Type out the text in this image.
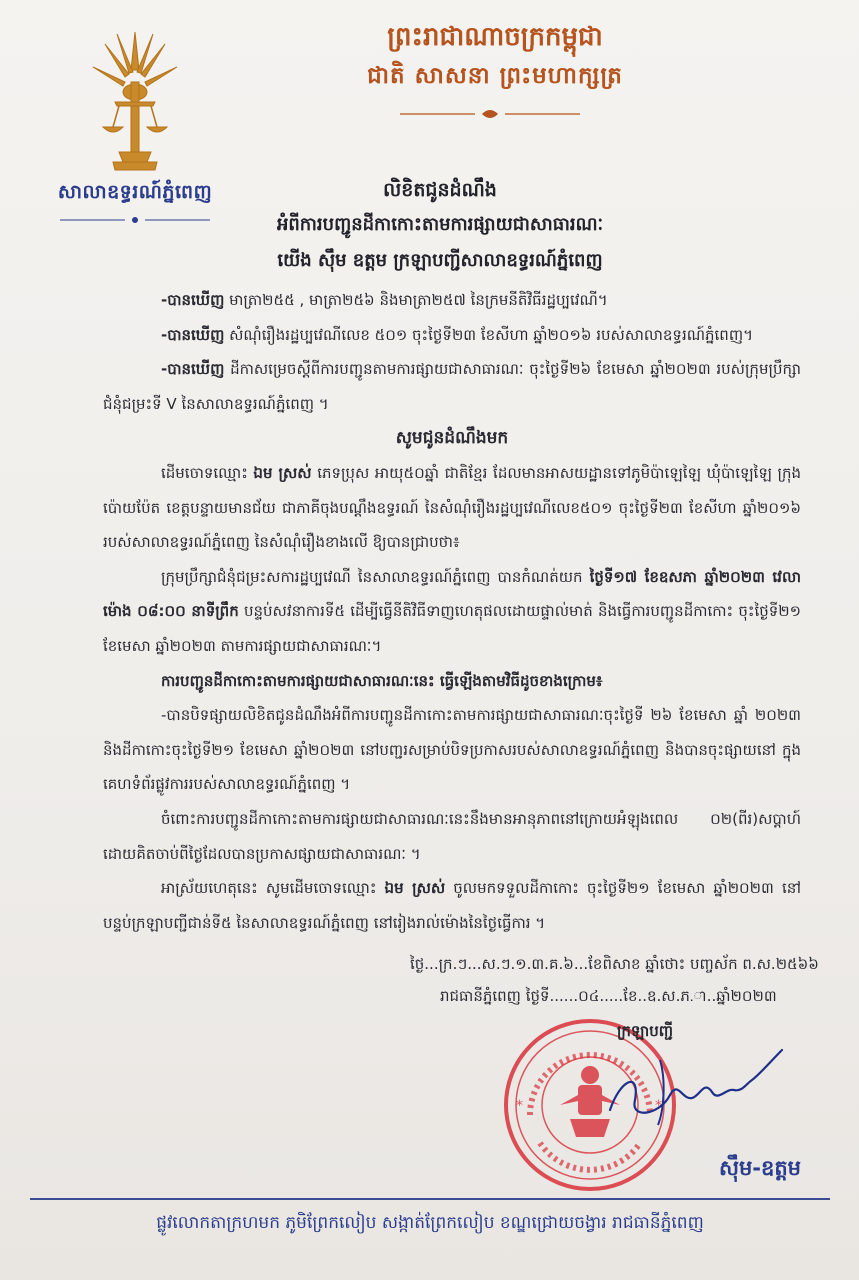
សាលាឧទ្ធរណ៍ភ្នំពេញ
ព្រះរាជាណាចក្រកម្ពុជា
ជាតិ សាសនា ព្រះមហាក្សត្រ
លិខិតជូនដំណឹង
អំពីការបញ្ជូនដីកាកោះតាមការផ្សាយជាសាធារណៈ
យើង ស៊ឹម ឧត្តម ក្រឡាបញ្ជីសាលាឧទ្ធរណ៍ភ្នំពេញ

-បានឃើញ មាត្រា២៥៥ , មាត្រា២៥៦ និងមាត្រា២៥៧ នៃក្រមនីតិវិធីរដ្ឋប្បវេណី។

-បានឃើញ សំណុំរឿងរដ្ឋប្បវេណីលេខ ៥០១ ចុះថ្ងៃទី២៣ ខែសីហា ឆ្នាំ២០១៦ របស់សាលាឧទ្ធរណ៍ភ្នំពេញ។

-បានឃើញ ដីកាសម្រេចស្តីពីការបញ្ជូនតាមការផ្សាយជាសាធារណៈ ចុះថ្ងៃទី២៦ ខែមេសា ឆ្នាំ២០២៣ របស់ក្រុមប្រឹក្សាជំនុំជម្រះទី V នៃសាលាឧទ្ធរណ៍ភ្នំពេញ ។

សូមជូនដំណឹងមក

ដើមចោទឈ្មោះ ឯម ស្រស់ ភេទប្រុស អាយុ៥០ឆ្នាំ ជាតិខ្មែរ ដែលមានអាសយដ្ឋានទៅភូមិប៉ាឡេឡៃ ឃុំប៉ាឡេឡៃ ក្រុងប៉ោយប៉ែត ខេត្តបន្ទាយមានជ័យ ជាភាគីចុងបណ្តឹងឧទ្ធរណ៍ នៃសំណុំរឿងរដ្ឋប្បវេណីលេខ៥០១ ចុះថ្ងៃទី២៣ ខែសីហា ឆ្នាំ២០១៦ របស់សាលាឧទ្ធរណ៍ភ្នំពេញ នៃសំណុំរឿងខាងលើ ឱ្យបានជ្រាបថា៖

ក្រុមប្រឹក្សាជំនុំជម្រះសការដ្ឋប្បវេណី នៃសាលាឧទ្ធរណ៍ភ្នំពេញ បានកំណត់យក ថ្ងៃទី១៧ ខែឧសភា ឆ្នាំ២០២៣ វេលាម៉ោង ០៨:០០ នាទីព្រឹក បន្ទប់សវនាការទី៥ ដើម្បីធ្វើនីតិវិធីទាញហេតុផលដោយផ្ទាល់មាត់ និងធ្វើការបញ្ជូនដីកាកោះ ចុះថ្ងៃទី២១ ខែមេសា ឆ្នាំ២០២៣ តាមការផ្សាយជាសាធារណៈ។

ការបញ្ជូនដីកាកោះតាមការផ្សាយជាសាធារណៈនេះ ធ្វើឡើងតាមវិធីដូចខាងក្រោម៖

-បានបិទផ្សាយលិខិតជូនដំណឹងអំពីការបញ្ជូនដីកាកោះតាមការផ្សាយជាសាធារណៈចុះថ្ងៃទី ២៦ ខែមេសា ឆ្នាំ ២០២៣ និងដីកាកោះចុះថ្ងៃទី២១ ខែមេសា ឆ្នាំ២០២៣ នៅបញ្ជរសម្រាប់បិទប្រកាសរបស់សាលាឧទ្ធរណ៍ភ្នំពេញ និងបានចុះផ្សាយនៅ ក្នុងគេហទំព័រផ្លូវការរបស់សាលាឧទ្ធរណ៍ភ្នំពេញ ។

ចំពោះការបញ្ជូនដីកាកោះតាមការផ្សាយជាសាធារណៈនេះនឹងមានអានុភាពនៅក្រោយអំឡុងពេល ០២(ពីរ)សប្តាហ៍ ដោយគិតចាប់ពីថ្ងៃដែលបានប្រកាសផ្សាយជាសាធារណៈ ។

អាស្រ័យហេតុនេះ សូមដើមចោទឈ្មោះ ឯម ស្រស់ ចូលមកទទួលដីកាកោះ ចុះថ្ងៃទី២១ ខែមេសា ឆ្នាំ២០២៣ នៅបន្ទប់ក្រឡាបញ្ជីជាន់ទី៥ នៃសាលាឧទ្ធរណ៍ភ្នំពេញ នៅរៀងរាល់ម៉ោងនៃថ្ងៃធ្វើការ ។

ថ្ងៃ...ក្រ.ៗ...ស.ៗ.១.៣.គ.៦...ខែពិសាខ ឆ្នាំថោះ បញ្ចស័ក ព.ស.២៥៦៦
រាជធានីភ្នំពេញ ថ្ងៃទី......០៤.....ខែ..ឧ.ស.ភ.ា..ឆ្នាំ២០២៣
*	*
ក្រឡាបញ្ជី
ស៊ឹម-ឧត្តម
ផ្លូវលោកតាក្រហមក ភូមិព្រែកលៀប សង្កាត់ព្រែកលៀប ខណ្ឌជ្រោយចង្វារ រាជធានីភ្នំពេញ
